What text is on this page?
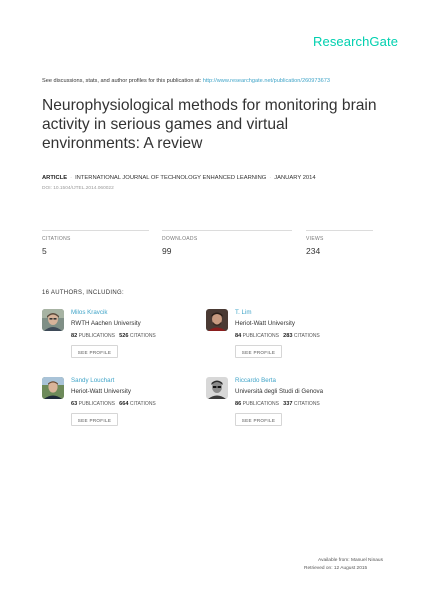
ResearchGate
See discussions, stats, and author profiles for this publication at: http://www.researchgate.net/publication/260973673
Neurophysiological methods for monitoring brain activity in serious games and virtual environments: A review
ARTICLE · INTERNATIONAL JOURNAL OF TECHNOLOGY ENHANCED LEARNING · JANUARY 2014
DOI: 10.1504/IJTEL.2014.060022
CITATIONS
5
DOWNLOADS
99
VIEWS
234
16 AUTHORS, INCLUDING:
Milos Kravcik
RWTH Aachen University
82 PUBLICATIONS 526 CITATIONS
SEE PROFILE
T. Lim
Heriot-Watt University
84 PUBLICATIONS 283 CITATIONS
SEE PROFILE
Sandy Louchart
Heriot-Watt University
63 PUBLICATIONS 664 CITATIONS
SEE PROFILE
Riccardo Berta
Università degli Studi di Genova
86 PUBLICATIONS 337 CITATIONS
SEE PROFILE
Available from: Manuel Ninaus
Retrieved on: 12 August 2015
